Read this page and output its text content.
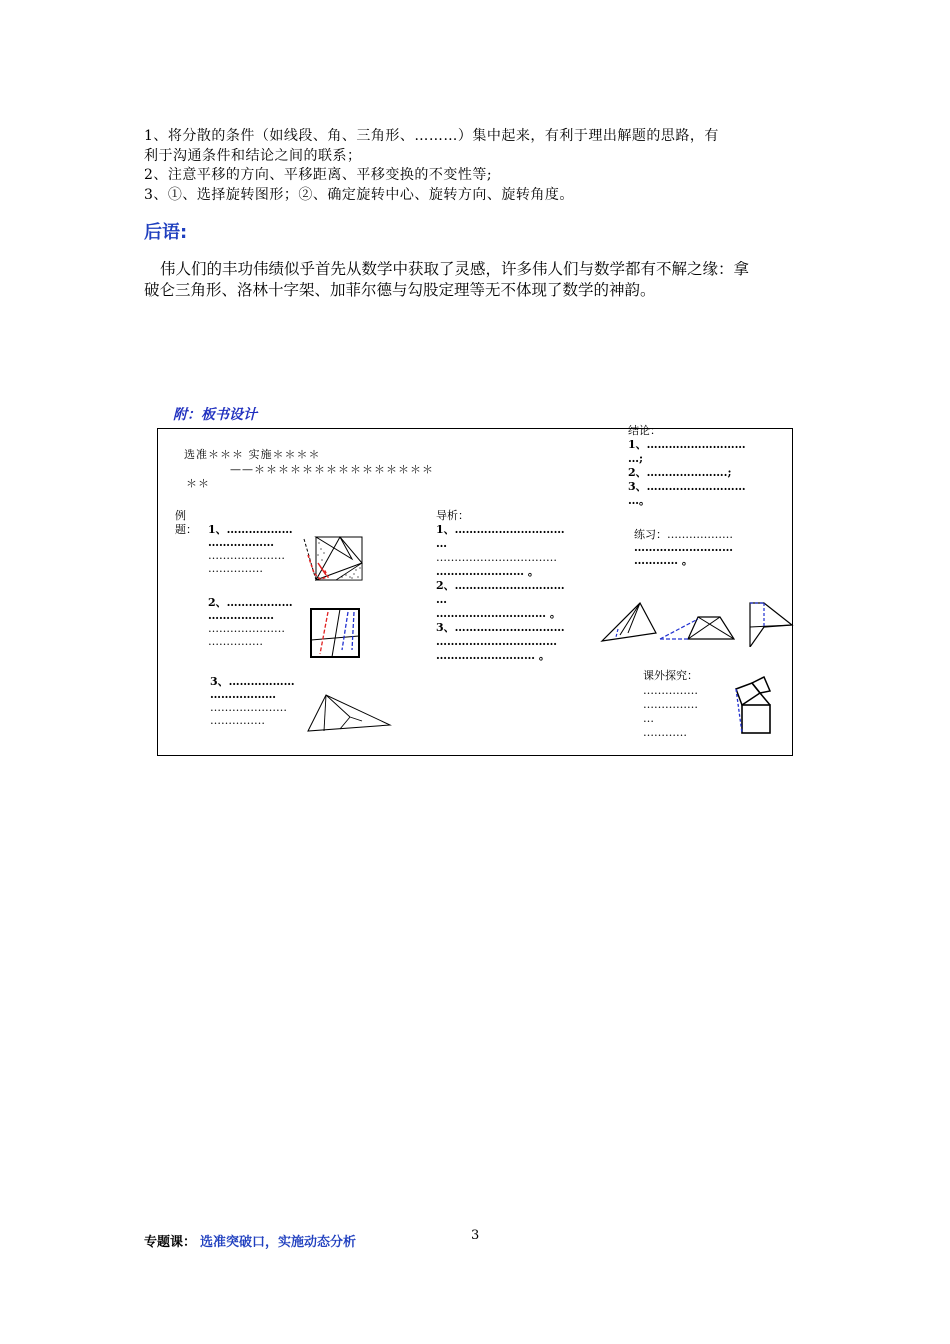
1、将分散的条件（如线段、角、三角形、………）集中起来，有利于理出解题的思路，有
利于沟通条件和结论之间的联系；
2、注意平移的方向、平移距离、平移变换的不变性等;
3、①、选择旋转图形；②、确定旋转中心、旋转方向、旋转角度。
后语:
伟人们的丰功伟绩似乎首先从数学中获取了灵感，许多伟人们与数学都有不解之缘：拿
破仑三角形、洛林十字架、加菲尔德与勾股定理等无不体现了数学的神韵。
附：板书设计
选准＊＊＊ 实施＊＊＊＊
——＊＊＊＊＊＊＊＊＊＊＊＊＊＊＊
＊＊
例
题： 1、………………
………………
…………………
……………
2、………………
………………
…………………
……………
3、………………
………………
…………………
……………
导析：
1、…………………………
…
……………………………
…………………… 。
2、…………………………
…
………………………… 。
3、…………………………
……………………………
……………………… 。
结论：
1、………………………
…;
2、………………….;
3、………………………
…。
练习：………………
………………………
………… 。
课外探究：
……………
……………
…
…………
专题课： 选准突破口，实施动态分析	3
